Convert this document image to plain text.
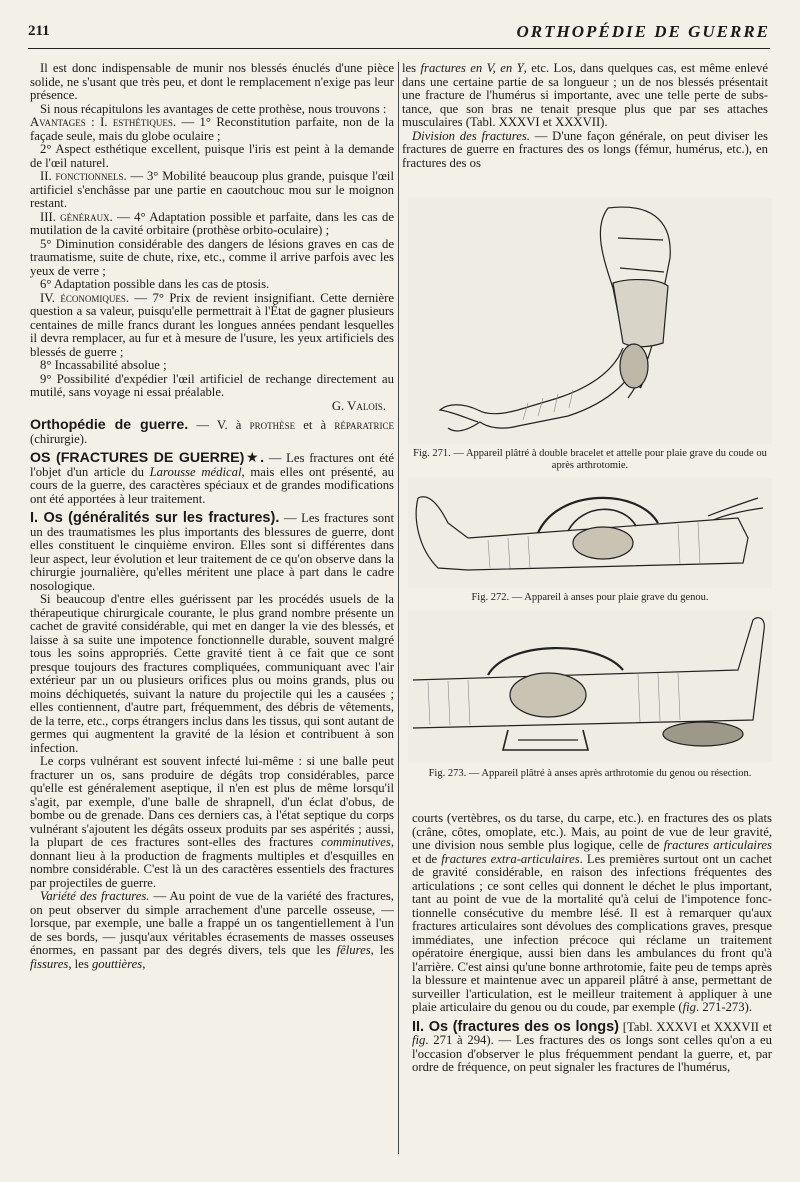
211	ORTHOPÉDIE DE GUERRE

Il est donc indispensable de munir nos blessés énuclés d'une pièce solide, ne s'usant que très peu, et dont le remplacement n'exige pas leur présence.

Si nous récapitulons les avantages de cette prothèse, nous trouvons :

Avantages : I. esthétiques. — 1° Reconstitution parfaite, non de la façade seule, mais du globe oculaire ;

2° Aspect esthétique excellent, puisque l'iris est peint à la demande de l'œil naturel.

II. fonctionnels. — 3° Mobilité beaucoup plus grande, puisque l'œil artificiel s'enchâsse par une partie en caoutchouc mou sur le moignon restant.

III. généraux. — 4° Adaptation possible et parfaite, dans les cas de mutilation de la cavité orbitaire (prothèse orbito-oculaire) ;

5° Diminution considérable des dangers de lésions graves en cas de traumatisme, suite de chute, rixe, etc., comme il arrive parfois avec les yeux de verre ;

6° Adaptation possible dans les cas de ptosis.

IV. économiques. — 7° Prix de revient insignifiant. Cette dernière question a sa valeur, puisqu'elle permettrait à l'État de gagner plusieurs centaines de mille francs durant les longues années pendant lesquelles il devra remplacer, au fur et à mesure de l'usure, les yeux artificiels des blessés de guerre ;

8° Incassabilité absolue ;

9° Possibilité d'expédier l'œil artificiel de rechange directement au mutilé, sans voyage ni essai préalable.

G. Valois.

Orthopédie de guerre. — V. à prothèse et à réparatrice (chirurgie).

OS (FRACTURES DE GUERRE)★. — Les fractures ont été l'objet d'un article du Larousse médical, mais elles ont présenté, au cours de la guerre, des caractères spéciaux et de grandes modifications ont été apportées à leur traitement.

I. Os (généralités sur les fractures). — Les fractures sont un des traumatismes les plus importants des blessures de guerre, dont elles constituent le cinquième environ. Elles sont si différentes dans leur aspect, leur évolution et leur traitement de ce qu'on observe dans la chirurgie journalière, qu'elles méritent une place à part dans le cadre nosologique.

Si beaucoup d'entre elles guérissent par les procédés usuels de la thérapeutique chirurgicale courante, le plus grand nombre présente un cachet de gravité considérable, qui met en danger la vie des blessés, et laisse à sa suite une impotence fonctionnelle durable, souvent malgré tous les soins appropriés. Cette gravité tient à ce fait que ce sont presque toujours des fractures compliquées, communiquant avec l'air extérieur par un ou plusieurs orifices plus ou moins grands, plus ou moins déchiquetés, suivant la nature du projectile qui les a causées ; elles contiennent, d'autre part, fréquemment, des débris de vêtements, de la terre, etc., corps étrangers inclus dans les tissus, qui sont autant de germes qui augmentent la gravité de la lésion et contribuent à son infection.

Le corps vulnérant est souvent infecté lui-même : si une balle peut fracturer un os, sans produire de dégâts trop considérables, parce qu'elle est généralement aseptique, il n'en est plus de même lorsqu'il s'agit, par exemple, d'une balle de shrapnell, d'un éclat d'obus, de bombe ou de grenade. Dans ces derniers cas, à l'état septique du corps vulnérant s'ajoutent les dégâts osseux produits par ses aspérités ; aussi, la plupart de ces fractures sont-elles des fractures comminutives, donnant lieu à la production de fragments multiples et d'esquilles en nombre considérable. C'est là un des caractères essentiels des fractures par projectiles de guerre.

Variété des fractures. — Au point de vue de la variété des fractures, on peut observer du simple arrachement d'une parcelle osseuse, — lorsque, par exemple, une balle a frappé un os tangentiellement à l'un de ses bords, — jusqu'aux véritables écrasements de masses osseuses énormes, en passant par des degrés divers, tels que les fêlures, les fissures, les gouttières,

les fractures en V, en Y, etc. Los, dans quelques cas, est même enlevé dans une certaine partie de sa longueur ; un de nos blessés présentait une fracture de l'humérus si importante, avec une telle perte de substance, que son bras ne tenait presque plus que par ses attaches musculaires (Tabl. XXXVI et XXXVII).

Division des fractures. — D'une façon générale, on peut diviser les fractures de guerre en fractures des os longs (fémur, humérus, etc.), en fractures des os

Fig. 271. — Appareil plâtré à double bracelet et attelle pour plaie grave du coude ou après arthrotomie.
Fig. 272. — Appareil à anses pour plaie grave du genou.
Fig. 273. — Appareil plâtré à anses après arthrotomie du genou ou résection.

courts (vertèbres, os du tarse, du carpe, etc.). en fractures des os plats (crâne, côtes, omoplate, etc.). Mais, au point de vue de leur gravité, une division nous semble plus logique, celle de fractures articulaires et de fractures extra-articulaires. Les premières surtout ont un cachet de gravité considérable, en raison des infections fréquentes des articulations ; ce sont celles qui donnent le déchet le plus important, tant au point de vue de la mortalité qu'à celui de l'impotence fonctionnelle consécutive du membre lésé. Il est à remarquer qu'aux fractures articulaires sont dévolues des complications graves, presque immédiates, une infection précoce qui réclame un traitement opératoire énergique, aussi bien dans les ambulances du front qu'à l'arrière. C'est ainsi qu'une bonne arthrotomie, faite peu de temps après la blessure et maintenue avec un appareil plâtré à anse, permettant de surveiller l'articulation, est le meilleur traitement à appliquer à une plaie articulaire du genou ou du coude, par exemple (fig. 271-273).

II. Os (fractures des os longs) [Tabl. XXXVI et XXXVII et fig. 271 à 294). — Les fractures des os longs sont celles qu'on a eu l'occasion d'observer le plus fréquemment pendant la guerre, et, par ordre de fréquence, on peut signaler les fractures de l'humérus,
